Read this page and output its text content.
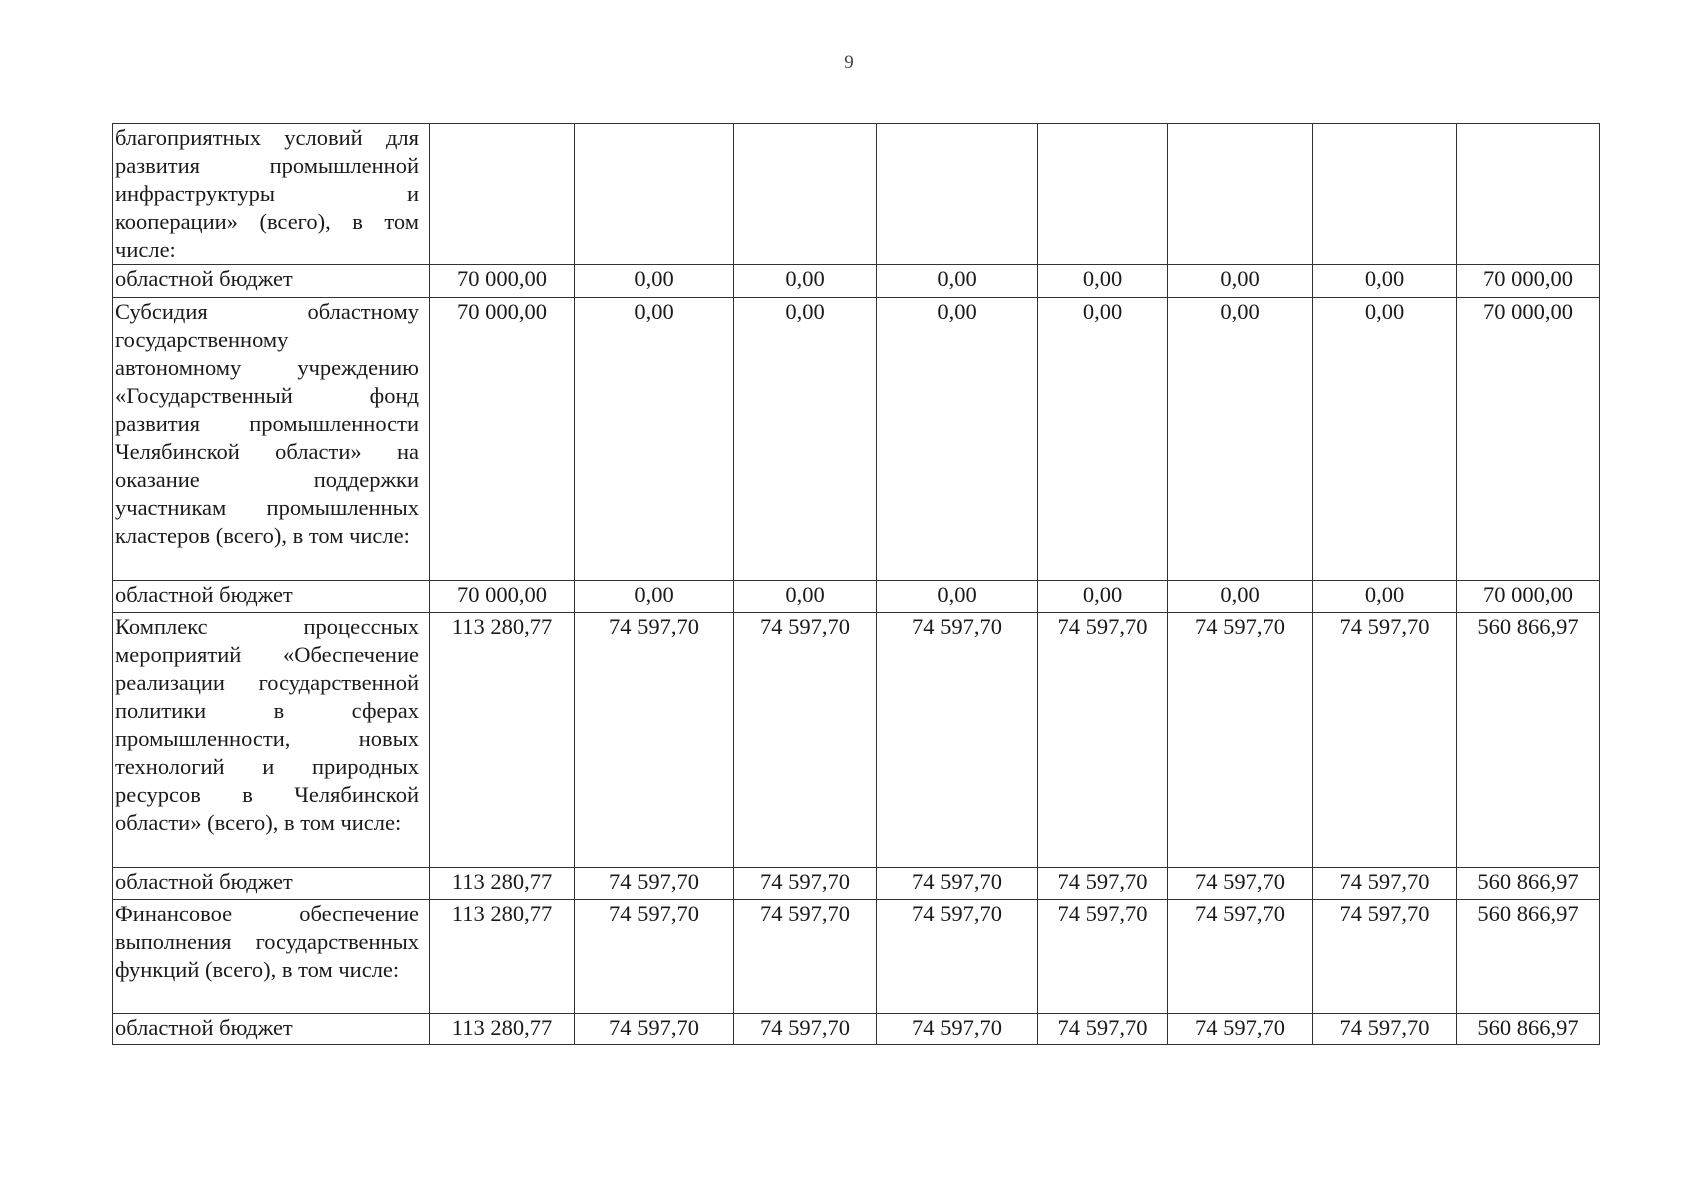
9
благоприятных условий для развития промышленной инфраструктуры и кооперации» (всего), в том числе:								
областной бюджет	70 000,00	0,00	0,00	0,00	0,00	0,00	0,00	70 000,00
Субсидия областному государственному автономному учреждению «Государственный фонд развития промышленности Челябинской области» на оказание поддержки участникам промышленных кластеров (всего), в том числе:	70 000,00	0,00	0,00	0,00	0,00	0,00	0,00	70 000,00
областной бюджет	70 000,00	0,00	0,00	0,00	0,00	0,00	0,00	70 000,00
Комплекс процессных мероприятий «Обеспечение реализации государственной политики в сферах промышленности, новых технологий и природных ресурсов в Челябинской области» (всего), в том числе:	113 280,77	74 597,70	74 597,70	74 597,70	74 597,70	74 597,70	74 597,70	560 866,97
областной бюджет	113 280,77	74 597,70	74 597,70	74 597,70	74 597,70	74 597,70	74 597,70	560 866,97
Финансовое обеспечение выполнения государственных функций (всего), в том числе:	113 280,77	74 597,70	74 597,70	74 597,70	74 597,70	74 597,70	74 597,70	560 866,97
областной бюджет	113 280,77	74 597,70	74 597,70	74 597,70	74 597,70	74 597,70	74 597,70	560 866,97
